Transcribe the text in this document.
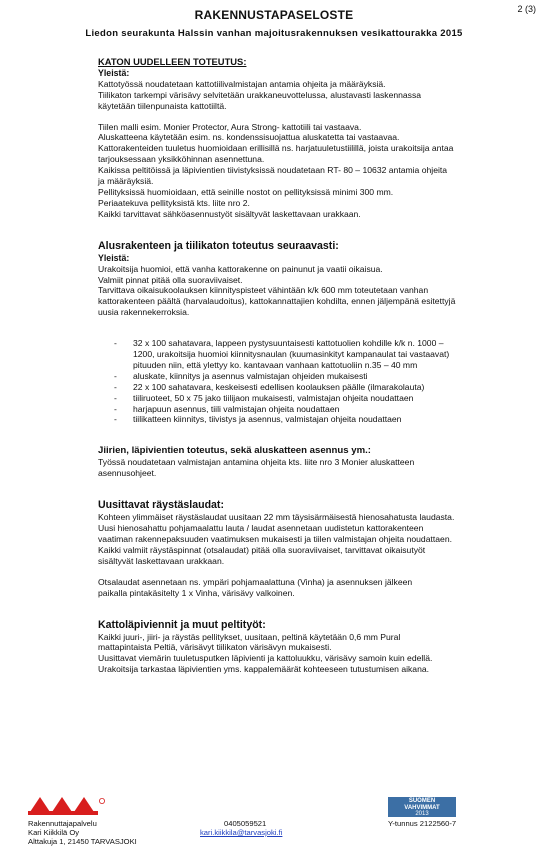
2 (3)
RAKENNUSTAPASELOSTE
Liedon seurakunta Halssin vanhan majoitusrakennuksen vesikattourakka 2015

KATON UUDELLEEN TOTEUTUS:

Yleistä:

Kattotyössä noudatetaan kattotiilivalmistajan antamia ohjeita ja määräyksiä.

Tiilikaton tarkempi värisävy selvitetään urakkaneuvottelussa, alustavasti laskennassa

käytetään tiilenpunaista kattotiiltä.

Tiilen malli esim. Monier Protector, Aura Strong- kattotiili tai vastaava.

Aluskatteena käytetään esim. ns. kondenssisuojattua aluskatetta tai vastaavaa.

Kattorakenteiden tuuletus huomioidaan erillisillä ns. harjatuuletustiilillä, joista urakoitsija antaa

tarjouksessaan yksikköhinnan asennettuna.

Kaikissa peltitöissä ja läpivientien tiivistyksissä noudatetaan RT- 80 – 10632 antamia ohjeita

ja määräyksiä.

Pellityksissä huomioidaan, että seinille nostot on pellityksissä minimi 300 mm.

Periaatekuva pellityksistä kts. liite nro 2.

Kaikki tarvittavat sähköasennustyöt sisältyvät laskettavaan urakkaan.

Alusrakenteen ja tiilikaton toteutus seuraavasti:

Yleistä:

Urakoitsija huomioi, että vanha kattorakenne on painunut ja vaatii oikaisua.

Valmiit pinnat pitää olla suoraviivaiset.

Tarvittava oikaisukoolauksen kiinnityspisteet vähintään k/k 600 mm toteutetaan vanhan

kattorakenteen päältä (harvalaudoitus), kattokannattajien kohdilta, ennen jäljempänä esitettyjä

uusia rakennekerroksia.

- 32 x 100 sahatavara, lappeen pystysuuntaisesti kattotuolien kohdille k/k n. 1000 –
1200, urakoitsija huomioi kiinnitysnaulan (kuumasinkityt kampanaulat tai vastaavat)
pituuden niin, että ylettyy ko. kantavaan vanhaan kattotuoliin n.35 – 40 mm
- aluskate, kiinnitys ja asennus valmistajan ohjeiden mukaisesti
- 22 x 100 sahatavara, keskeisesti edellisen koolauksen päälle (ilmarakolauta)
- tiiliruoteet, 50 x 75 jako tiilijaon mukaisesti, valmistajan ohjeita noudattaen
- harjapuun asennus, tiili valmistajan ohjeita noudattaen
- tiilikatteen kiinnitys, tiivistys ja asennus, valmistajan ohjeita noudattaen

Jiirien, läpivientien toteutus, sekä aluskatteen asennus ym.:

Työssä noudatetaan valmistajan antamina ohjeita kts. liite nro 3 Monier aluskatteen

asennusohjeet.

Uusittavat räystäslaudat:

Kohteen ylimmäiset räystäslaudat uusitaan 22 mm täysisärmäisestä hienosahatusta laudasta.

Uusi hienosahattu pohjamaalattu lauta / laudat asennetaan uudistetun kattorakenteen

vaatiman rakennepaksuuden vaatimuksen mukaisesti ja tiilen valmistajan ohjeita noudattaen.

Kaikki valmiit räystäspinnat (otsalaudat) pitää olla suoraviivaiset, tarvittavat oikaisutyöt

sisältyvät laskettavaan urakkaan.

Otsalaudat asennetaan ns. ympäri pohjamaalattuna (Vinha) ja asennuksen jälkeen

paikalla pintakäsitelty 1 x Vinha, värisävy valkoinen.

Kattoläpiviennit ja muut peltityöt:

Kaikki juuri-, jiiri- ja räystäs pellitykset, uusitaan, peltinä käytetään 0,6 mm Pural

mattapintaista Peltiä, värisävyt tiilikaton värisävyn mukaisesti.

Uusittavat viemärin tuuletusputken läpivienti ja kattoluukku, värisävy samoin kuin edellä.

Urakoitsija tarkastaa läpivientien yms. kappalemäärät kohteeseen tutustumisen aikana.

Rakennuttajapalvelu
Kari Kiikkilä Oy
Alttakuja 1, 21450 TARVASJOKI
0405059521
kari.kiikkila@tarvasjoki.fi
SUOMEN
VAHVIMMAT
2013
Y-tunnus 2122560-7
